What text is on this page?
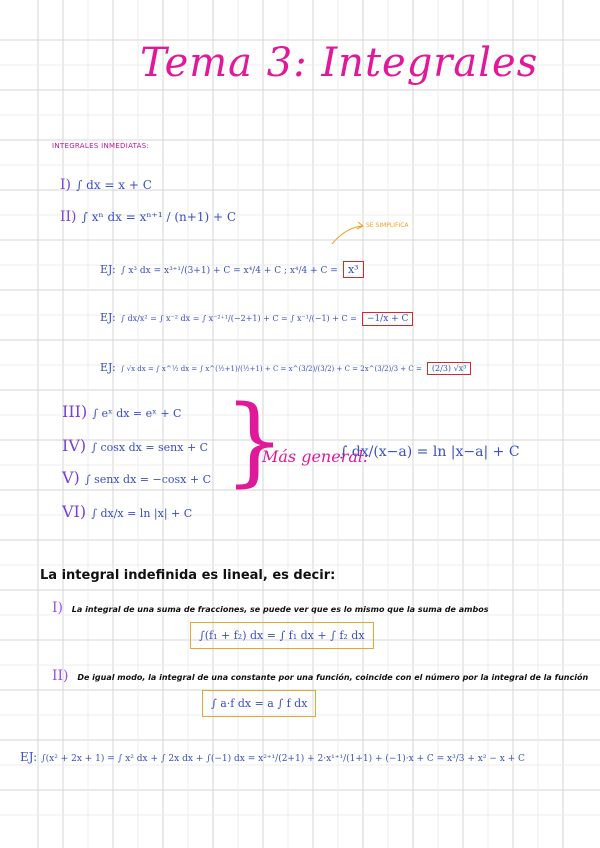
Tema 3: Integrales
INTEGRALES INMEDIATAS:
I) ∫ dx = x + C
II) ∫ xⁿ dx = xⁿ⁺¹ / (n+1) + C
SE SIMPLIFICA
EJ: ∫ x³ dx = x³⁺¹/(3+1) + C = x⁴/4 + C ; x⁴/4 + C = x³
EJ: ∫ dx/x² = ∫ x⁻² dx = ∫ x⁻²⁺¹/(−2+1) + C = ∫ x⁻¹/(−1) + C = −1/x + C
EJ: ∫ √x dx = ∫ x^½ dx = ∫ x^(½+1)/(½+1) + C = x^(3/2)/(3/2) + C = 2x^(3/2)/3 + C = (2/3) √x³
III) ∫ eˣ dx = eˣ + C
IV) ∫ cosx dx = senx + C
V) ∫ senx dx = −cosx + C
VI) ∫ dx/x = ln |x| + C
}
Más general:
∫ dx/(x−a) = ln |x−a| + C
La integral indefinida es lineal, es decir:
I) La integral de una suma de fracciones, se puede ver que es lo mismo que la suma de ambos
∫(f₁ + f₂) dx = ∫ f₁ dx + ∫ f₂ dx
II) De igual modo, la integral de una constante por una función, coincide con el número por la integral de la función
∫ a·f dx = a ∫ f dx
EJ: ∫(x² + 2x + 1) = ∫ x² dx + ∫ 2x dx + ∫(−1) dx = x²⁺¹/(2+1) + 2·x¹⁺¹/(1+1) + (−1)·x + C = x³/3 + x² − x + C
